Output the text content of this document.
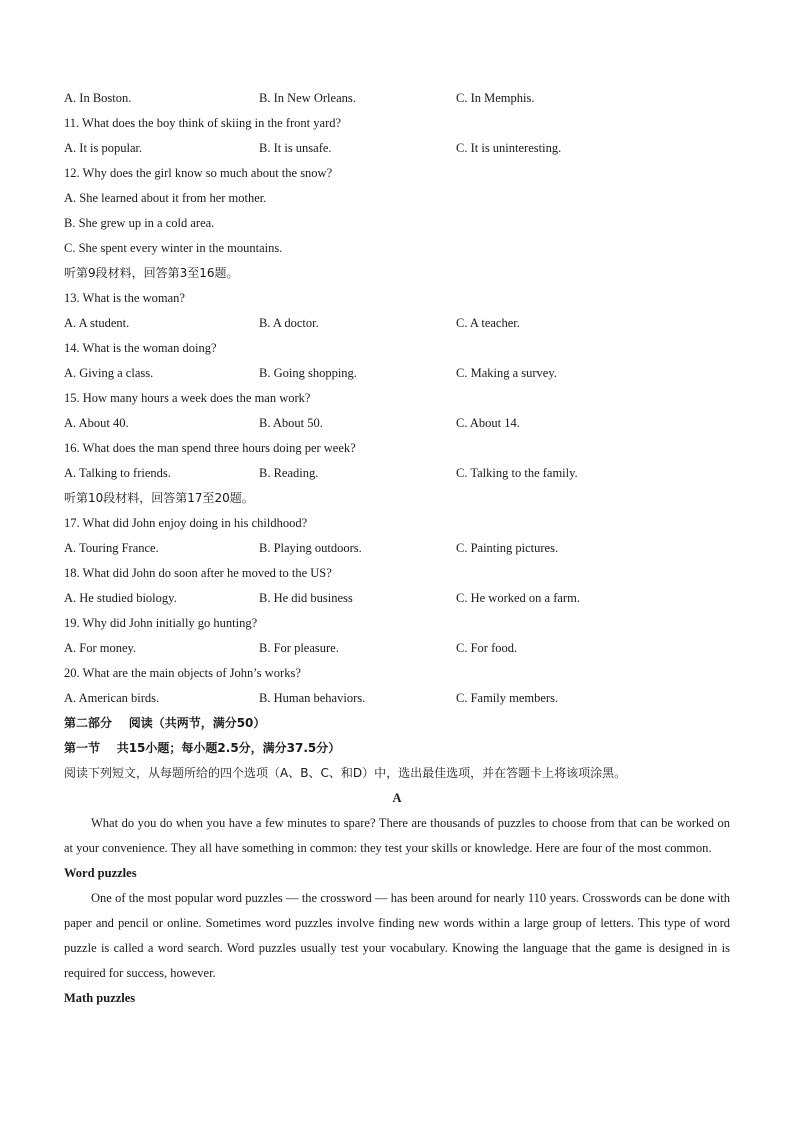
A. In Boston.	B. In New Orleans.	C. In Memphis.
11. What does the boy think of skiing in the front yard?
A. It is popular.	B. It is unsafe.	C. It is uninteresting.
12. Why does the girl know so much about the snow?
A. She learned about it from her mother.
B. She grew up in a cold area.
C. She spent every winter in the mountains.
听第9段材料，回答第3至16题。
13. What is the woman?
A. A student.	B. A doctor.	C. A teacher.
14. What is the woman doing?
A. Giving a class.	B. Going shopping.	C. Making a survey.
15. How many hours a week does the man work?
A. About 40.	B. About 50.	C. About 14.
16. What does the man spend three hours doing per week?
A. Talking to friends.	B. Reading.	C. Talking to the family.
听第10段材料，回答第17至20题。
17. What did John enjoy doing in his childhood?
A. Touring France.	B. Playing outdoors.	C. Painting pictures.
18. What did John do soon after he moved to the US?
A. He studied biology.	B. He did business	C. He worked on a farm.
19. Why did John initially go hunting?
A. For money.	B. For pleasure.	C. For food.
20. What are the main objects of John’s works?
A. American birds.	B. Human behaviors.	C. Family members.
第二部分    阅读（共两节，满分50）
第一节    共15小题；每小题2.5分，满分37.5分）
阅读下列短文，从每题所给的四个选项（A、B、C、和D）中，选出最佳选项，并在答题卡上将该项涂黑。
A

What do you do when you have a few minutes to spare? There are thousands of puzzles to choose from that can be worked on at your convenience. They all have something in common: they test your skills or knowledge. Here are four of the most common.

Word puzzles

One of the most popular word puzzles — the crossword — has been around for nearly 110 years. Crosswords can be done with paper and pencil or online. Sometimes word puzzles involve finding new words within a large group of letters. This type of word puzzle is called a word search. Word puzzles usually test your vocabulary. Knowing the language that the game is designed in is required for success, however.

Math puzzles
